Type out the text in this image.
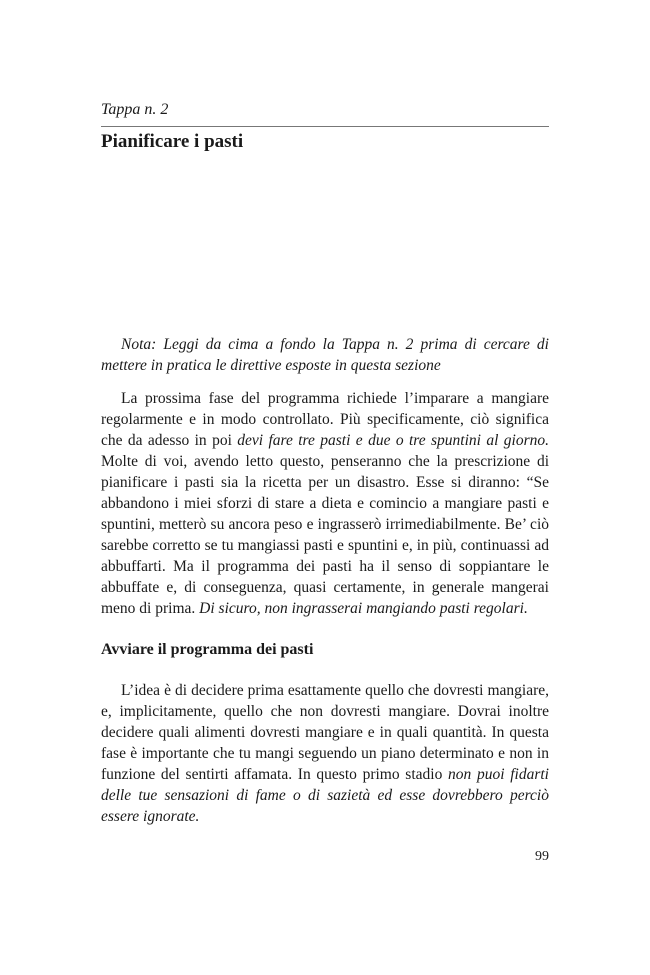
Tappa n. 2

Pianificare i pasti

Nota: Leggi da cima a fondo la Tappa n. 2 prima di cercare di mettere in pratica le direttive esposte in questa sezione

La prossima fase del programma richiede l’imparare a mangiare regolarmente e in modo controllato. Più specificamente, ciò significa che da adesso in poi devi fare tre pasti e due o tre spuntini al giorno. Molte di voi, avendo letto questo, penseranno che la prescrizione di pianificare i pasti sia la ricetta per un disastro. Esse si diranno: “Se abbandono i miei sforzi di stare a dieta e comincio a mangiare pasti e spuntini, metterò su ancora peso e ingrasserò irrimediabilmente. Be’ ciò sarebbe corretto se tu mangiassi pasti e spuntini e, in più, continuassi ad abbuffarti. Ma il programma dei pasti ha il senso di soppiantare le abbuffate e, di conseguenza, quasi certamente, in generale mangerai meno di prima. Di sicuro, non ingrasserai mangiando pasti regolari.

Avviare il programma dei pasti

L’idea è di decidere prima esattamente quello che dovresti mangiare, e, implicitamente, quello che non dovresti mangiare. Dovrai inoltre decidere quali alimenti dovresti mangiare e in quali quantità. In questa fase è importante che tu mangi seguendo un piano determinato e non in funzione del sentirti affamata. In questo primo stadio non puoi fidarti delle tue sensazioni di fame o di sazietà ed esse dovrebbero perciò essere ignorate.

99
